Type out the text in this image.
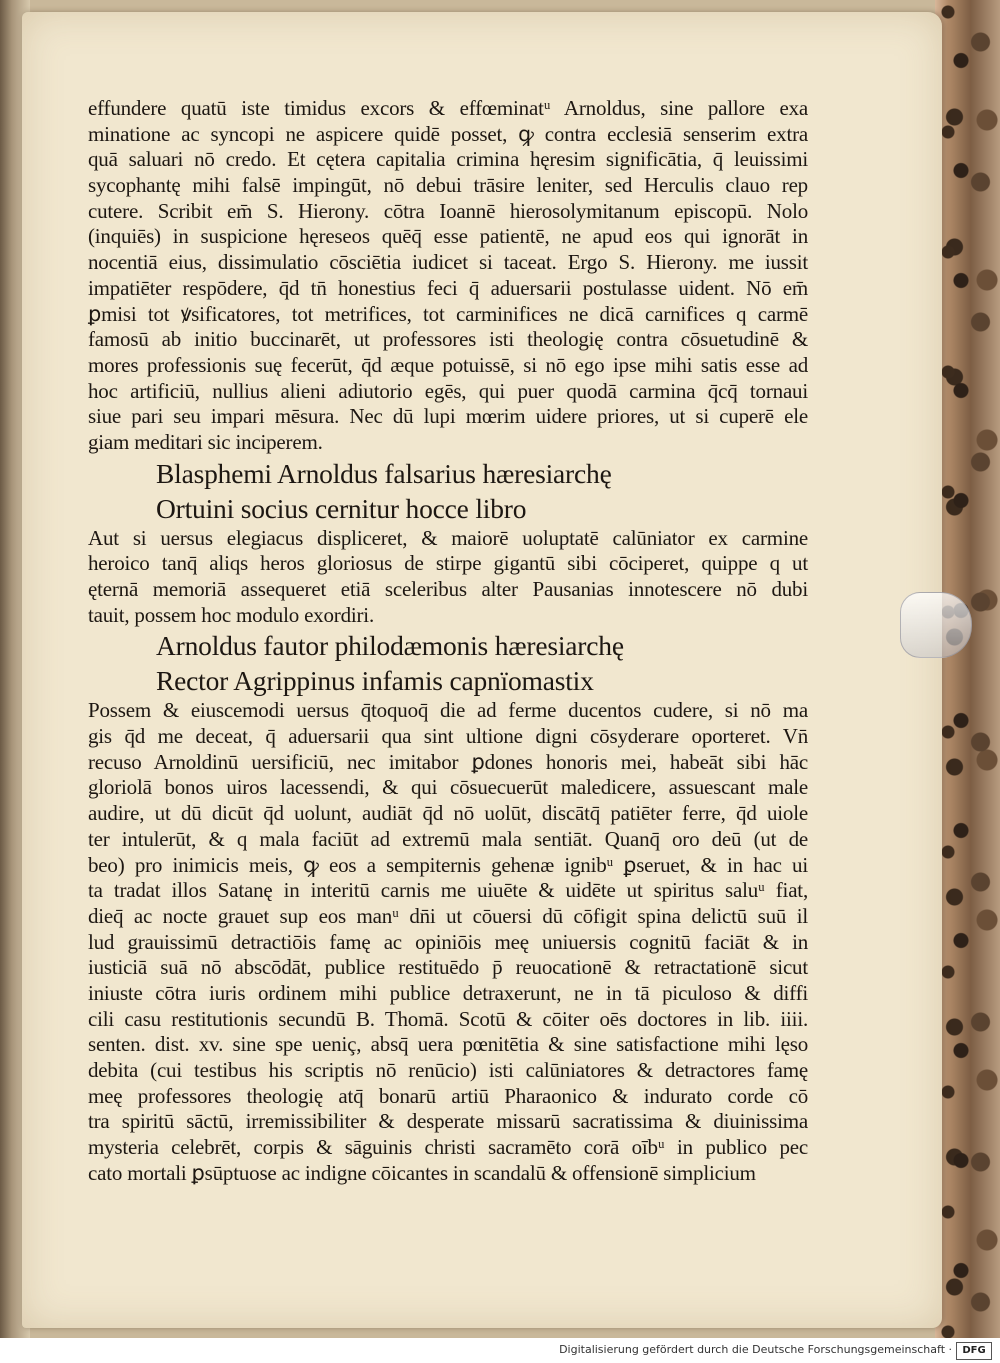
effundere quatū iste timidus excors & effœminatᵘ Arnoldus, sine pallore exa
minatione ac syncopi ne aspicere quidē posset, ꝙ contra ecclesiā senserim extra
quā saluari nō credo. Et cętera capitalia crimina hęresim significātia, q̄ leuissimi
sycophantę mihi falsē impingūt, nō debui trāsire leniter, sed Herculis clauo rep
cutere. Scribit em̄ S. Hierony. cōtra Ioannē hierosolymitanum episcopū. Nolo
(inquiēs) in suspicione hęreseos quēq̄ esse patientē, ne apud eos qui ignorāt in
nocentiā eius, dissimulatio cōsciētia iudicet si taceat. Ergo S. Hierony. me iussit
impatiēter respōdere, q̄d tn̄ honestius feci q̄ aduersarii postulasse uident. Nō em̄
ꝑmisi tot ꝟsificatores, tot metrifices, tot carminifices ne dicā carnifices q carmē
famosū ab initio buccinarēt, ut professores isti theologię contra cōsuetudinē &
mores professionis suę fecerūt, q̄d æque potuissē, si nō ego ipse mihi satis esse ad
hoc artificiū, nullius alieni adiutorio egēs, qui puer quodā carmina q̄cq̄ tornaui
siue pari seu impari mēsura. Nec dū lupi mœrim uidere priores, ut si cuperē ele
giam meditari sic inciperem.
Blasphemi Arnoldus falsarius hæresiarchę
Ortuini socius cernitur hocce libro
Aut si uersus elegiacus displiceret, & maiorē uoluptatē calūniator ex carmine
heroico tanq̄ aliqs heros gloriosus de stirpe gigantū sibi cōciperet, quippe q ut
ęternā memoriā assequeret etiā sceleribus alter Pausanias innotescere nō dubi
tauit, possem hoc modulo exordiri.
Arnoldus fautor philodæmonis hæresiarchę
Rector Agrippinus infamis capnïomastix
Possem & eiuscemodi uersus q̄toquoq̄ die ad ferme ducentos cudere, si nō ma
gis q̄d me deceat, q̄ aduersarii qua sint ultione digni cōsyderare oporteret. Vn̄
recuso Arnoldinū uersificiū, nec imitabor ꝑdones honoris mei, habeāt sibi hāc
gloriolā bonos uiros lacessendi, & qui cōsuecuerūt maledicere, assuescant male
audire, ut dū dicūt q̄d uolunt, audiāt q̄d nō uolūt, discātq̄ patiēter ferre, q̄d uiole
ter intulerūt, & q mala faciūt ad extremū mala sentiāt. Quanq̄ oro deū (ut de
beo) pro inimicis meis, ꝙ eos a sempiternis gehenæ ignibᵘ ꝑseruet, & in hac ui
ta tradat illos Satanę in interitū carnis me uiuēte & uidēte ut spiritus saluᵘ fiat,
dieq̄ ac nocte grauet sup eos manᵘ dn̄i ut cōuersi dū cōfigit spina delictū suū il
lud grauissimū detractiōis famę ac opiniōis meę uniuersis cognitū faciāt & in
iusticiā suā nō abscōdāt, publice restituēdo p̄ reuocationē & retractationē sicut
iniuste cōtra iuris ordinem mihi publice detraxerunt, ne in tā piculoso & diffi
cili casu restitutionis secundū B. Thomā. Scotū & cōiter oēs doctores in lib. iiii.
senten. dist. xv. sine spe ueniç, absq̄ uera pœnitētia & sine satisfactione mihi lęso
debita (cui testibus his scriptis nō renūcio) isti calūniatores & detractores famę
meę professores theologię atq̄ bonarū artiū Pharaonico & indurato corde cō
tra spiritū sāctū, irremissibiliter & desperate missarū sacratissima & diuinissima
mysteria celebrēt, corpis & sāguinis christi sacramēto corā oībᵘ in publico pec
cato mortali ꝑsūptuose ac indigne cōicantes in scandalū & offensionē simplicium
Digitalisierung gefördert durch die Deutsche Forschungsgemeinschaft ·	DFG
